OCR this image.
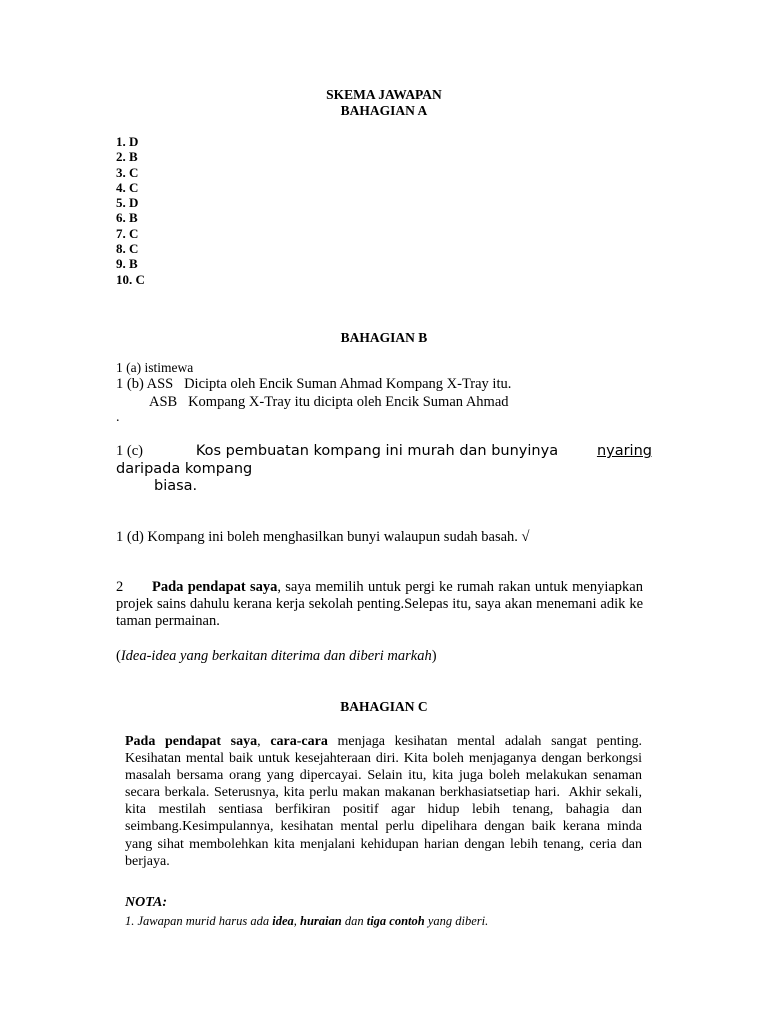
SKEMA JAWAPAN
BAHAGIAN A
1. D
2. B
3. C
4. C
5. D
6. B
7. C
8. C
9. B
10. C
BAHAGIAN B
1 (a) istimewa
1 (b) ASS   Dicipta oleh Encik Suman Ahmad Kompang X-Tray itu.
ASB   Kompang X-Tray itu dicipta oleh Encik Suman Ahmad
.
1 (c)	Kos pembuatan kompang ini murah dan bunyinya	nyaring
daripada kompang
biasa.
1 (d) Kompang ini boleh menghasilkan bunyi walaupun sudah basah. √
2 Pada pendapat saya, saya memilih untuk pergi ke rumah rakan untuk menyiapkan projek sains dahulu kerana kerja sekolah penting.Selepas itu, saya akan menemani adik ke taman permainan.
(Idea-idea yang berkaitan diterima dan diberi markah)
BAHAGIAN C
Pada pendapat saya, cara-cara menjaga kesihatan mental adalah sangat penting. Kesihatan mental baik untuk kesejahteraan diri. Kita boleh menjaganya dengan berkongsi masalah bersama orang yang dipercayai. Selain itu, kita juga boleh melakukan senaman secara berkala. Seterusnya, kita perlu makan makanan berkhasiatsetiap hari.  Akhir sekali, kita mestilah sentiasa berfikiran positif agar hidup lebih tenang, bahagia dan seimbang.Kesimpulannya, kesihatan mental perlu dipelihara dengan baik kerana minda yang sihat membolehkan kita menjalani kehidupan harian dengan lebih tenang, ceria dan berjaya.
NOTA:
1. Jawapan murid harus ada idea, huraian dan tiga contoh yang diberi.
